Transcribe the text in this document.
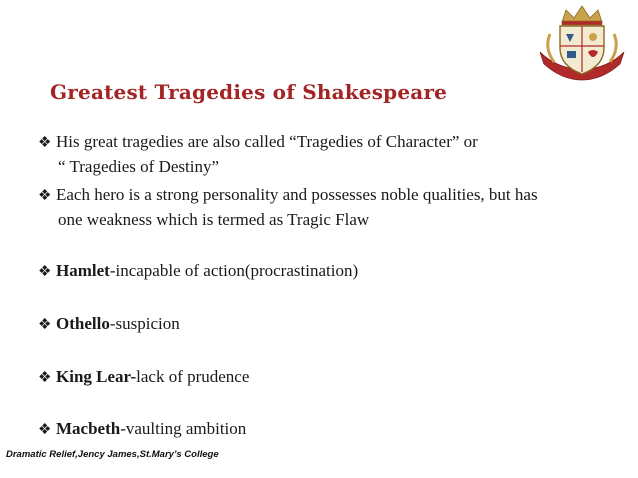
Greatest Tragedies of Shakespeare
❖ His great tragedies are also called “Tragedies of Character” or
“ Tragedies of Destiny”
❖ Each hero is a strong personality and possesses noble qualities, but has
one weakness which is termed as Tragic Flaw
❖ Hamlet-incapable of action(procrastination)
❖ Othello-suspicion
❖ King Lear-lack of prudence
❖ Macbeth-vaulting ambition

Dramatic Relief,Jency James,St.Mary’s College
